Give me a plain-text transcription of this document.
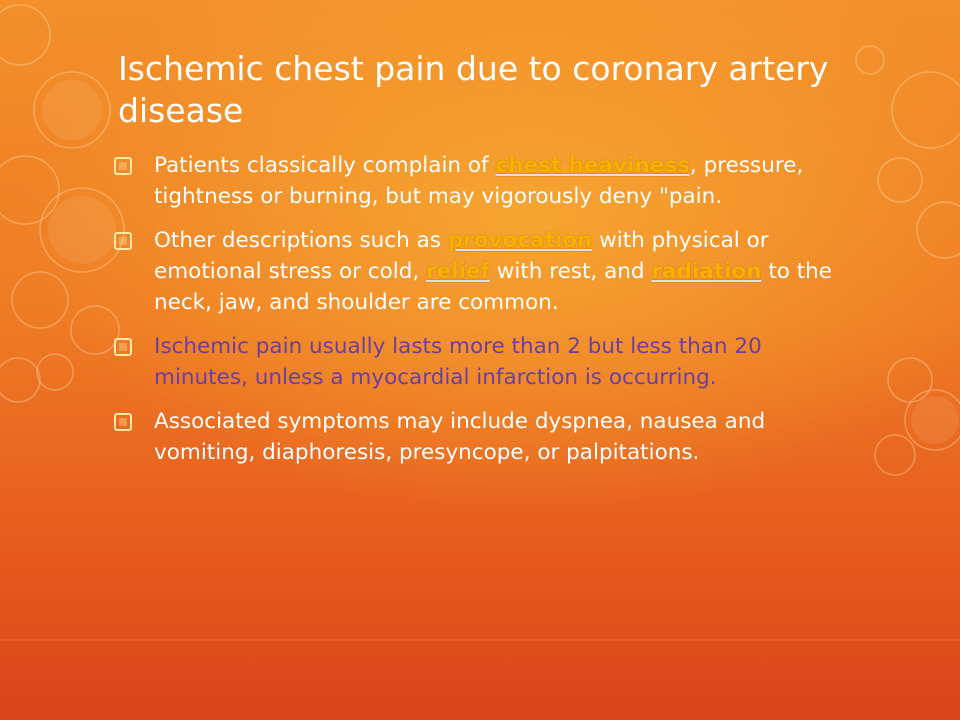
Ischemic chest pain due to coronary artery disease
Patients classically complain of chest heaviness, pressure, tightness or burning, but may vigorously deny "pain.
Other descriptions such as provocation with physical or emotional stress or cold, relief with rest, and radiation to the neck, jaw, and shoulder are common.
Ischemic pain usually lasts more than 2 but less than 20 minutes, unless a myocardial infarction is occurring.
Associated symptoms may include dyspnea, nausea and vomiting, diaphoresis, presyncope, or palpitations.
